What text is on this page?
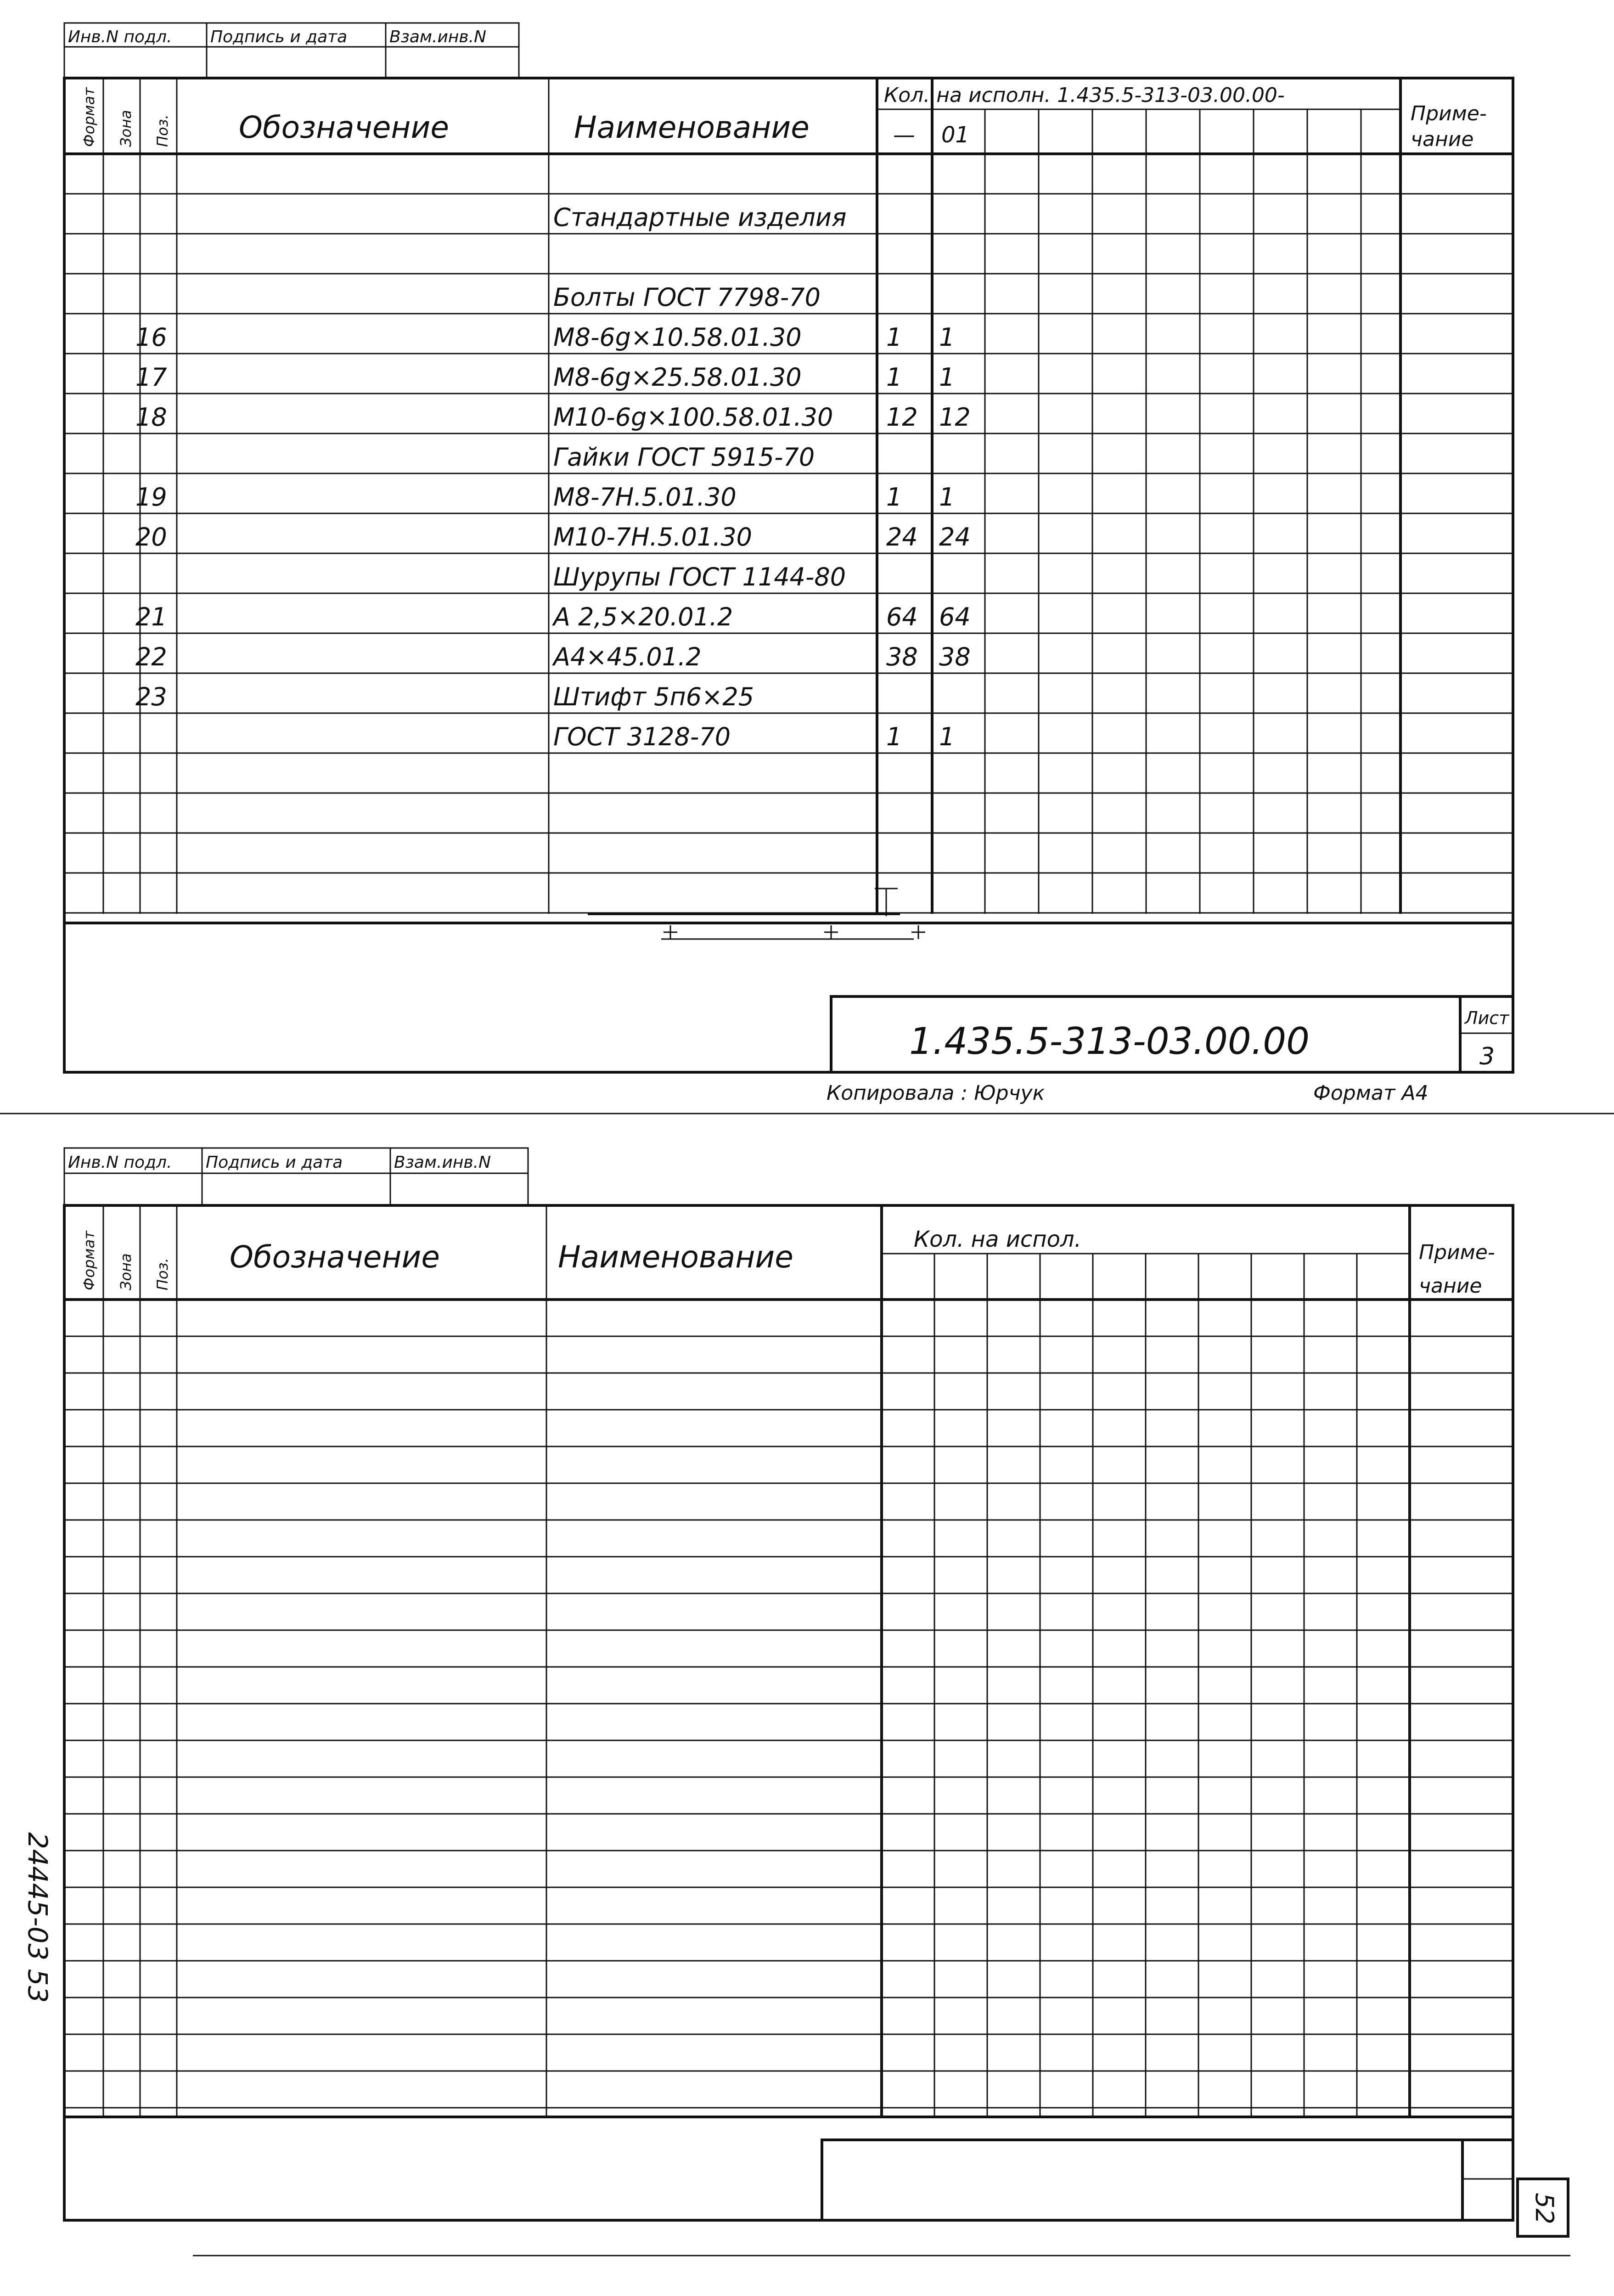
Инв.N подл. Подпись и дата	Взам.инв.N
Формат Зона Поз. Обозначение	Наименование
Кол. на исполн. 1.435.5-313-03.00.00-
— 01
Приме-
чание
Стандартные изделия
Болты ГОСТ 7798-70
16	М8-6g×10.58.01.30	1 1
17	М8-6g×25.58.01.30	1 1
18	М10-6g×100.58.01.30 12 12
Гайки ГОСТ 5915-70
19	М8-7Н.5.01.30	1 1
20	М10-7Н.5.01.30	24 24
Шурупы ГОСТ 1144-80
21	А 2,5×20.01.2	64 64
22	А4×45.01.2	38 38
23	Штифт 5п6×25
ГОСТ 3128-70	1 1
1.435.5-313-03.00.00
Лист
3
Копировала : Юрчук	Формат А4
Инв.N подл. Подпись и дата	Взам.инв.N
Формат Зона Поз. Обозначение	Наименование	Кол. на испол.
Приме-
чание
24445-03 53
52
